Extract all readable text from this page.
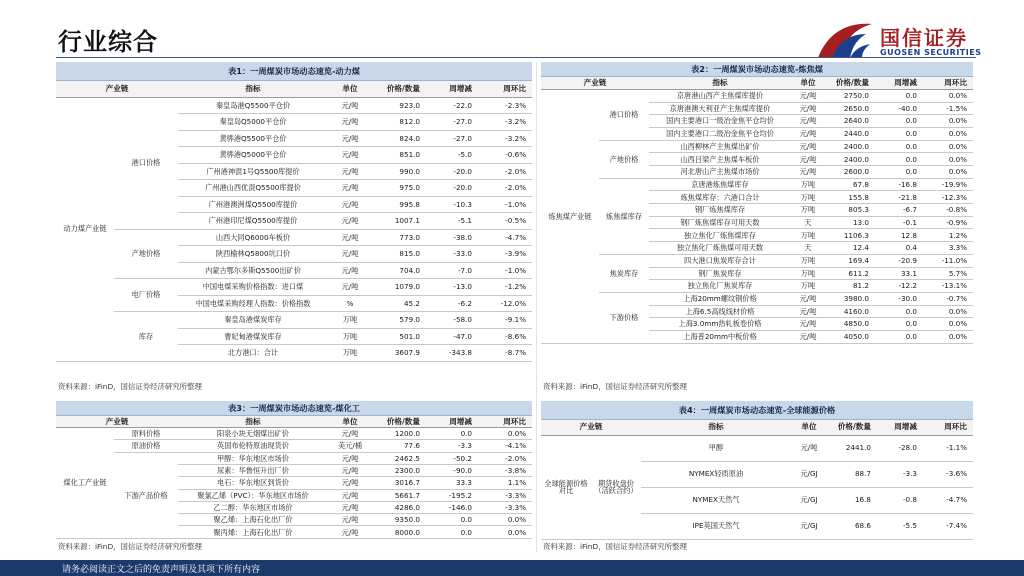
行业综合	国信证券
GUOSEN SECURITIES
表1：一周煤炭市场动态速览-动力煤						
产业链		指标	单位	价格/数量	周增减	周环比
动力煤产业链	港口价格	秦皇岛港Q5500平仓价	元/吨	923.0	-22.0	-2.3%
		秦皇岛Q5000平仓价	元/吨	812.0	-27.0	-3.2%
		黄骅港Q5500平仓价	元/吨	824.0	-27.0	-3.2%
		黄骅港Q5000平仓价	元/吨	851.0	-5.0	-0.6%
		广州港神混1号Q5500库提价	元/吨	990.0	-20.0	-2.0%
		广州港山西优混Q5500库提价	元/吨	975.0	-20.0	-2.0%
		广州港澳洲煤Q5500库提价	元/吨	995.8	-10.3	-1.0%
		广州港印尼煤Q5500库提价	元/吨	1007.1	-5.1	-0.5%
	产地价格	山西大同Q6000车板价	元/吨	773.0	-38.0	-4.7%
		陕西榆林Q5800坑口价	元/吨	815.0	-33.0	-3.9%
		内蒙古鄂尔多斯Q5500出矿价	元/吨	704.0	-7.0	-1.0%
	电厂价格	中国电煤采购价格指数：进口煤	元/吨	1079.0	-13.0	-1.2%
		中国电煤采购经理人指数：价格指数	%	45.2	-6.2	-12.0%
	库存	秦皇岛港煤炭库存	万吨	579.0	-58.0	-9.1%
		曹妃甸港煤炭库存	万吨	501.0	-47.0	-8.6%
		北方港口：合计	万吨	3607.9	-343.8	-8.7%
资料来源：iFinD，国信证券经济研究所整理
表2：一周煤炭市场动态速览-炼焦煤						
产业链		指标	单位	价格/数量	周增减	周环比
炼焦煤产业链	港口价格	京唐港山西产主焦煤库提价	元/吨	2750.0	0.0	0.0%
		京唐港澳大利亚产主焦煤库提价	元/吨	2650.0	-40.0	-1.5%
		国内主要港口一级冶金焦平仓均价	元/吨	2640.0	0.0	0.0%
		国内主要港口二级冶金焦平仓均价	元/吨	2440.0	0.0	0.0%
	产地价格	山西柳林产主焦煤出矿价	元/吨	2400.0	0.0	0.0%
		山西吕梁产主焦煤车板价	元/吨	2400.0	0.0	0.0%
		河北唐山产主焦煤市场价	元/吨	2600.0	0.0	0.0%
	炼焦煤库存	京唐港炼焦煤库存	万吨	67.8	-16.8	-19.9%
		炼焦煤库存：六港口合计	万吨	155.8	-21.8	-12.3%
		钢厂炼焦煤库存	万吨	805.3	-6.7	-0.8%
		钢厂炼焦煤库存可用天数	天	13.0	-0.1	-0.9%
		独立焦化厂炼焦煤库存	万吨	1106.3	12.8	1.2%
		独立焦化厂炼焦煤可用天数	天	12.4	0.4	3.3%
	焦炭库存	四大港口焦炭库存合计	万吨	169.4	-20.9	-11.0%
		钢厂焦炭库存	万吨	611.2	33.1	5.7%
		独立焦化厂焦炭库存	万吨	81.2	-12.2	-13.1%
	下游价格	上海20mm螺纹钢价格	元/吨	3980.0	-30.0	-0.7%
		上海6.5高线线材价格	元/吨	4160.0	0.0	0.0%
		上海3.0mm热轧板卷价格	元/吨	4850.0	0.0	0.0%
		上海普20mm中板价格	元/吨	4050.0	0.0	0.0%
资料来源：iFinD，国信证券经济研究所整理
表3：一周煤炭市场动态速览-煤化工						
产业链		指标	单位	价格/数量	周增减	周环比
煤化工产业链	原料价格	阳泉小块无烟煤出矿价	元/吨	1200.0	0.0	0.0%
	原油价格	英国布伦特原油现货价	美元/桶	77.6	-3.3	-4.1%
	下游产品价格	甲醇：华东地区市场价	元/吨	2462.5	-50.2	-2.0%
		尿素：华鲁恒升出厂价	元/吨	2300.0	-90.0	-3.8%
		电石：华东地区到货价	元/吨	3016.7	33.3	1.1%
		聚氯乙烯（PVC）：华东地区市场价	元/吨	5661.7	-195.2	-3.3%
		乙二醇：华东地区市场价	元/吨	4286.0	-146.0	-3.3%
		聚乙烯：上海石化出厂价	元/吨	9350.0	0.0	0.0%
		聚丙烯：上海石化出厂价	元/吨	8000.0	0.0	0.0%
资料来源：iFinD，国信证券经济研究所整理
表4：一周煤炭市场动态速览-全球能源价格						
产业链		指标	单位	价格/数量	周增减	周环比
全球能源价格对比	期货收盘价（活跃合约）	甲醇	元/吨	2441.0	-28.0	-1.1%
		NYMEX轻质原油	元/GJ	88.7	-3.3	-3.6%
		NYMEX天然气	元/GJ	16.8	-0.8	-4.7%
		IPE英国天然气	元/GJ	68.6	-5.5	-7.4%
资料来源：iFinD，国信证券经济研究所整理
请务必阅读正文之后的免责声明及其项下所有内容
